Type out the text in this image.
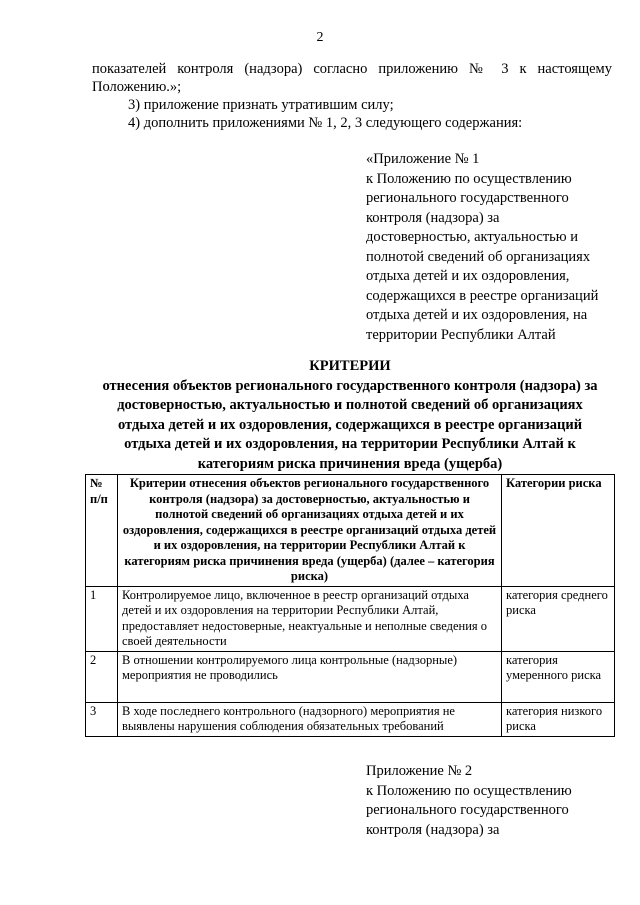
2

показателей контроля (надзора) согласно приложению № 3 к настоящему

Положению.»;

3) приложение признать утратившим силу;

4) дополнить приложениями № 1, 2, 3 следующего содержания:

«Приложение № 1

к Положению по осуществлению

регионального государственного

контроля (надзора) за

достоверностью, актуальностью и

полнотой сведений об организациях

отдыха детей и их оздоровления,

содержащихся в реестре организаций

отдыха детей и их оздоровления, на

территории Республики Алтай

КРИТЕРИИ

отнесения объектов регионального государственного контроля (надзора) за

достоверностью, актуальностью и полнотой сведений об организациях

отдыха детей и их оздоровления, содержащихся в реестре организаций

отдыха детей и их оздоровления, на территории Республики Алтай к

категориям риска причинения вреда (ущерба)

№ п/п	Критерии отнесения объектов регионального государственного контроля (надзора) за достоверностью, актуальностью и полнотой сведений об организациях отдыха детей и их оздоровления, содержащихся в реестре организаций отдыха детей и их оздоровления, на территории Республики Алтай к категориям риска причинения вреда (ущерба) (далее – категория риска)	Категории риска
1	Контролируемое лицо, включенное в реестр организаций отдыха детей и их оздоровления на территории Республики Алтай, предоставляет недостоверные, неактуальные и неполные сведения о своей деятельности	категория среднего риска
2	В отношении контролируемого лица контрольные (надзорные) мероприятия не проводились	категория умеренного риска
3	В ходе последнего контрольного (надзорного) мероприятия не выявлены нарушения соблюдения обязательных требований	категория низкого риска

Приложение № 2

к Положению по осуществлению

регионального государственного

контроля (надзора) за
